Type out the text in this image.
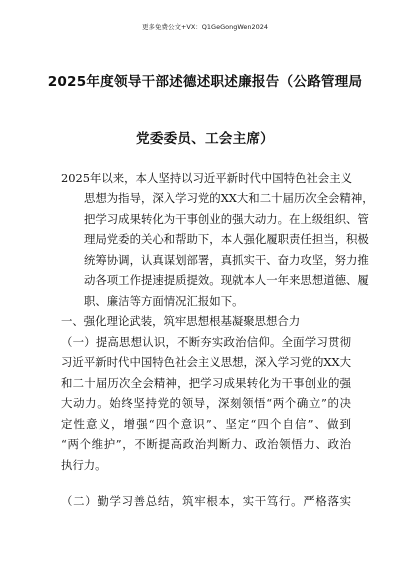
更多免费公文+VX：Q1GeGongWen2024
2025年度领导干部述德述职述廉报告（公路管理局
党委委员、工会主席）
2025年以来，本人坚持以习近平新时代中国特色社会主义
思想为指导，深入学习党的XX大和二十届历次全会精神，
把学习成果转化为干事创业的强大动力。在上级组织、管
理局党委的关心和帮助下，本人强化履职责任担当，积极
统筹协调，认真谋划部署，真抓实干、奋力攻坚，努力推
动各项工作提速提质提效。现就本人一年来思想道德、履
职、廉洁等方面情况汇报如下。
一、强化理论武装，筑牢思想根基凝聚思想合力
（一）提高思想认识，不断夯实政治信仰。全面学习贯彻
习近平新时代中国特色社会主义思想，深入学习党的XX大
和二十届历次全会精神，把学习成果转化为干事创业的强
大动力。始终坚持党的领导，深刻领悟“两个确立”的决
定性意义，增强“四个意识”、坚定“四个自信”、做到
“两个维护”，不断提高政治判断力、政治领悟力、政治
执行力。
（二）勤学习善总结，筑牢根本，实干笃行。严格落实
